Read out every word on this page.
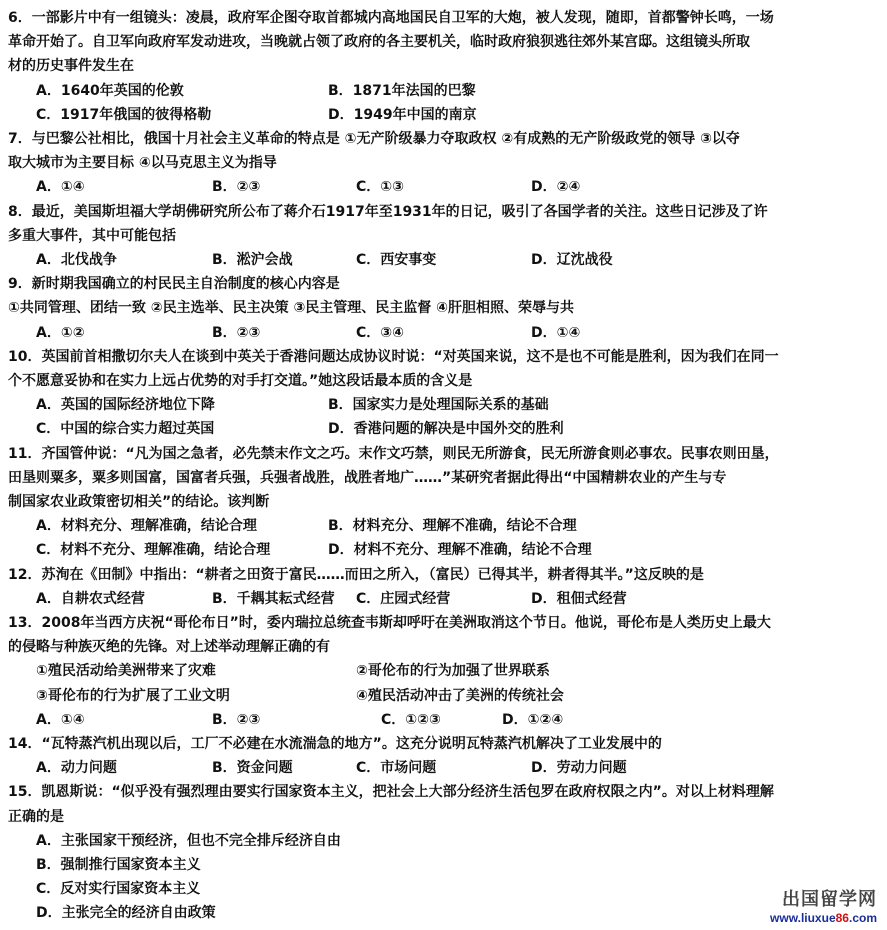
6．一部影片中有一组镜头：凌晨，政府军企图夺取首都城内高地国民自卫军的大炮，被人发现，随即，首都警钟长鸣，一场
革命开始了。自卫军向政府军发动进攻，当晚就占领了政府的各主要机关，临时政府狼狈逃往郊外某宫邸。这组镜头所取
材的历史事件发生在
A．1640年英国的伦敦	B．1871年法国的巴黎
C．1917年俄国的彼得格勒	D．1949年中国的南京
7．与巴黎公社相比，俄国十月社会主义革命的特点是 ①无产阶级暴力夺取政权 ②有成熟的无产阶级政党的领导 ③以夺
取大城市为主要目标 ④以马克思主义为指导
A．①④	B．②③	C．①③	D．②④
8．最近，美国斯坦福大学胡佛研究所公布了蒋介石1917年至1931年的日记，吸引了各国学者的关注。这些日记涉及了许
多重大事件，其中可能包括
A．北伐战争	B．淞沪会战	C．西安事变	D．辽沈战役
9．新时期我国确立的村民民主自治制度的核心内容是
①共同管理、团结一致 ②民主选举、民主决策 ③民主管理、民主监督 ④肝胆相照、荣辱与共
A．①②	B．②③	C．③④	D．①④
10．英国前首相撒切尔夫人在谈到中英关于香港问题达成协议时说：“对英国来说，这不是也不可能是胜利，因为我们在同一
个不愿意妥协和在实力上远占优势的对手打交道。”她这段话最本质的含义是
A．英国的国际经济地位下降	B．国家实力是处理国际关系的基础
C．中国的综合实力超过英国	D．香港问题的解决是中国外交的胜利
11．齐国管仲说：“凡为国之急者，必先禁末作文之巧。末作文巧禁，则民无所游食，民无所游食则必事农。民事农则田垦，
田垦则粟多，粟多则国富，国富者兵强，兵强者战胜，战胜者地广……”某研究者据此得出“中国精耕农业的产生与专
制国家农业政策密切相关”的结论。该判断
A．材料充分、理解准确，结论合理	B．材料充分、理解不准确，结论不合理
C．材料不充分、理解准确，结论合理	D．材料不充分、理解不准确，结论不合理
12．苏洵在《田制》中指出：“耕者之田资于富民……而田之所入，（富民）已得其半，耕者得其半。”这反映的是
A．自耕农式经营	B．千耦其耘式经营 C．庄园式经营	D．租佃式经营
13．2008年当西方庆祝“哥伦布日”时，委内瑞拉总统查韦斯却呼吁在美洲取消这个节日。他说，哥伦布是人类历史上最大
的侵略与种族灭绝的先锋。对上述举动理解正确的有
①殖民活动给美洲带来了灾难	②哥伦布的行为加强了世界联系
③哥伦布的行为扩展了工业文明	④殖民活动冲击了美洲的传统社会
A．①④	B．②③	C．①②③	D．①②④
14．“瓦特蒸汽机出现以后，工厂不必建在水流湍急的地方”。这充分说明瓦特蒸汽机解决了工业发展中的
A．动力问题	B．资金问题	C．市场问题	D．劳动力问题
15．凯恩斯说：“似乎没有强烈理由要实行国家资本主义，把社会上大部分经济生活包罗在政府权限之内”。对以上材料理解
正确的是
A．主张国家干预经济，但也不完全排斥经济自由
B．强制推行国家资本主义
C．反对实行国家资本主义
D．主张完全的经济自由政策
出国留学网
www.liuxue86.com
